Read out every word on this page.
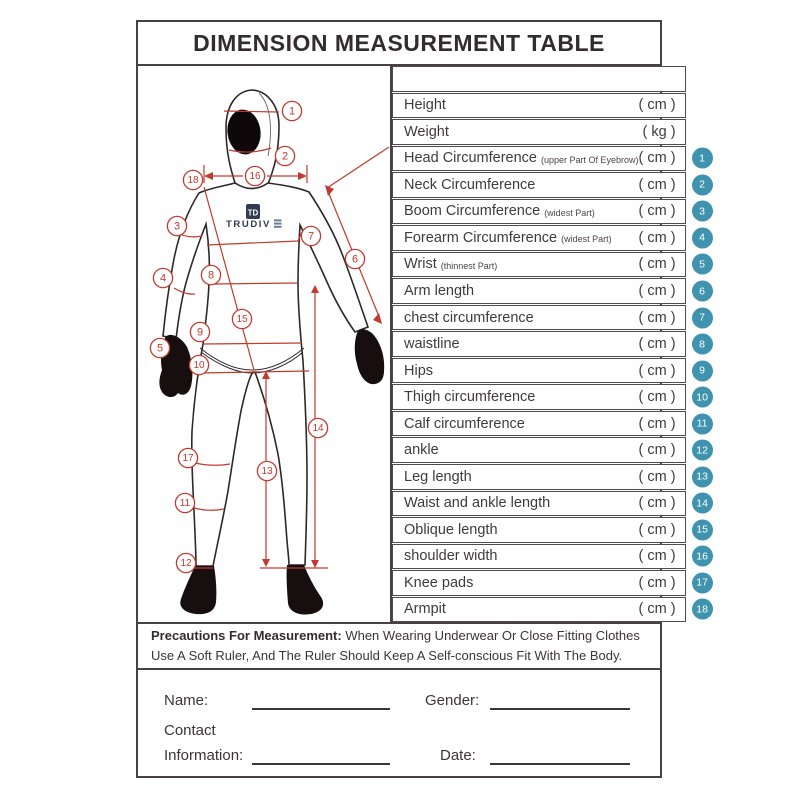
DIMENSION MEASUREMENT TABLE
TD
TRUDIV
1
2
3
4
5
6
7
8
9
10
11
12
13
14
15
16
17
18
Height	( cm )
Weight	( kg )
Head Circumference (upper Part Of Eyebrow) ( cm )	1
Neck Circumference	( cm )	2
Boom Circumference (widest Part)	( cm )	3
Forearm Circumference (widest Part) ( cm )	4
Wrist (thinnest Part)	( cm )	5
Arm length	( cm )	6
chest circumference	( cm )	7
waistline	( cm )	8
Hips	( cm )	9
Thigh circumference	( cm )	10
Calf circumference	( cm )	11
ankle	( cm )	12
Leg length	( cm )	13
Waist and ankle length	( cm )	14
Oblique length	( cm )	15
shoulder width	( cm )	16
Knee pads	( cm )	17
Armpit	( cm )	18
Precautions For Measurement: When Wearing Underwear Or Close Fitting Clothes Use A Soft Ruler, And The Ruler Should Keep A Self-conscious Fit With The Body.
Name:	Gender:
Contact
Information:	Date:
